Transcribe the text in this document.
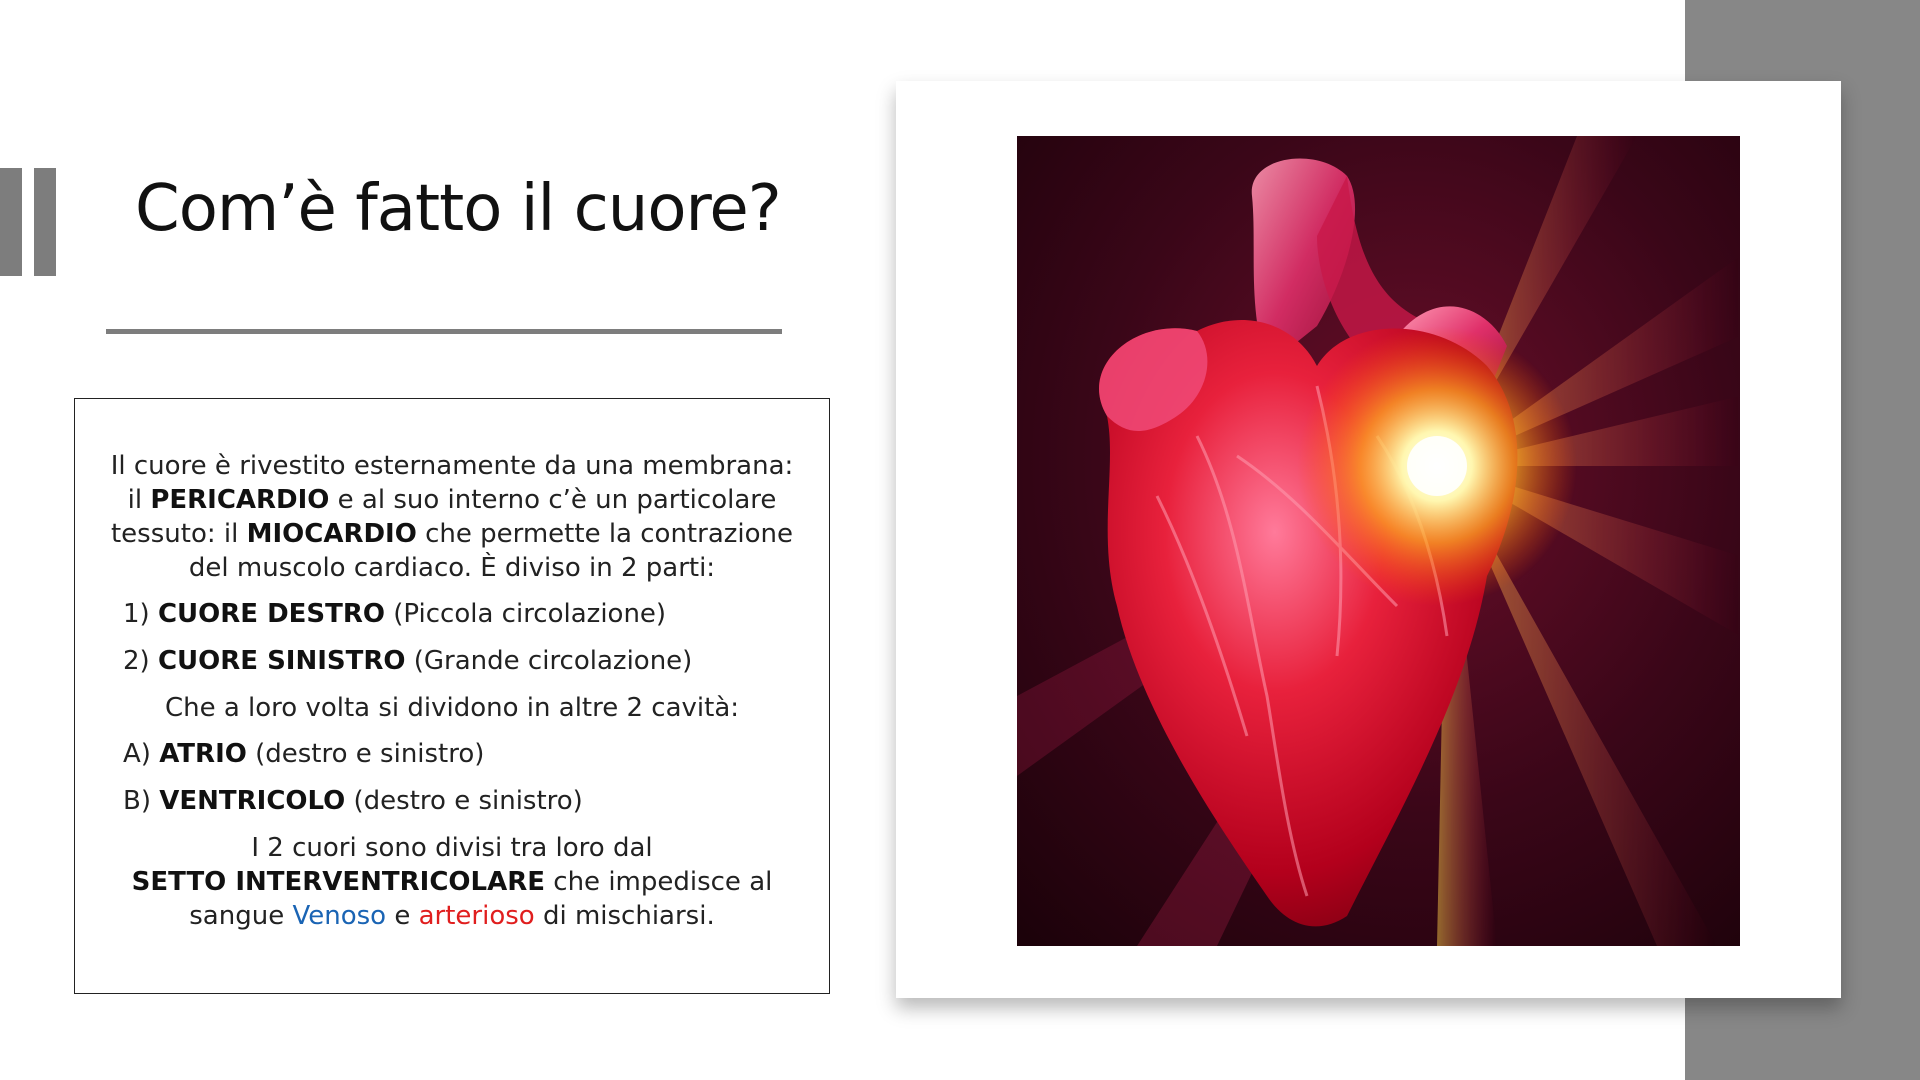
Com’è fatto il cuore?
Il cuore è rivestito esternamente da una membrana:
il PERICARDIO e al suo interno c’è un particolare
tessuto: il MIOCARDIO che permette la contrazione
del muscolo cardiaco. È diviso in 2 parti:
1) CUORE DESTRO (Piccola circolazione)
2) CUORE SINISTRO (Grande circolazione)
Che a loro volta si dividono in altre 2 cavità:
A) ATRIO (destro e sinistro)
B) VENTRICOLO (destro e sinistro)
I 2 cuori sono divisi tra loro dal
SETTO INTERVENTRICOLARE che impedisce al
sangue Venoso e arterioso di mischiarsi.
